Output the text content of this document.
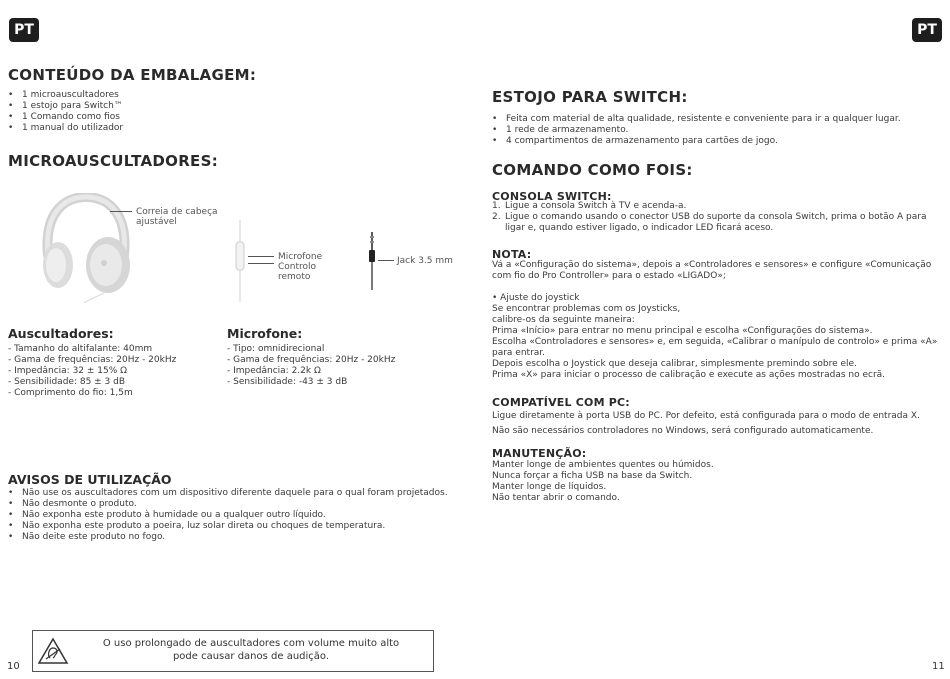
PT
CONTEÚDO DA EMBALAGEM:
• 1 microauscultadores
• 1 estojo para Switch™
• 1 Comando como fios
• 1 manual do utilizador
MICROAUSCULTADORES:
Correia de cabeça
ajustável
Microfone
Controlo
remoto
Jack 3.5 mm
Auscultadores:
- Tamanho do altifalante: 40mm
- Gama de frequências: 20Hz - 20kHz
- Impedância: 32 ± 15% Ω
- Sensibilidade: 85 ± 3 dB
- Comprimento do fio: 1,5m
Microfone:
- Tipo: omnidirecional
- Gama de frequências: 20Hz - 20kHz
- Impedância: 2.2k Ω
- Sensibilidade: -43 ± 3 dB
AVISOS DE UTILIZAÇÃO
• Não use os auscultadores com um dispositivo diferente daquele para o qual foram projetados.
• Não desmonte o produto.
• Não exponha este produto à humidade ou a qualquer outro líquido.
• Não exponha este produto a poeira, luz solar direta ou choques de temperatura.
• Não deite este produto no fogo.
O uso prolongado de auscultadores com volume muito alto
pode causar danos de audição.
10
PT
ESTOJO PARA SWITCH:
• Feita com material de alta qualidade, resistente e conveniente para ir a qualquer lugar.
• 1 rede de armazenamento.
• 4 compartimentos de armazenamento para cartões de jogo.
COMANDO COMO FOIS:
CONSOLA SWITCH:
1. Ligue a consola Switch à TV e acenda-a.
2. Ligue o comando usando o conector USB do suporte da consola Switch, prima o botão A para
ligar e, quando estiver ligado, o indicador LED ficará aceso.
NOTA:
Vá a «Configuração do sistema», depois a «Controladores e sensores» e configure «Comunicação
com fio do Pro Controller» para o estado «LIGADO»;
• Ajuste do joystick
Se encontrar problemas com os Joysticks,
calibre-os da seguinte maneira:
Prima «Início» para entrar no menu principal e escolha «Configurações do sistema».
Escolha «Controladores e sensores» e, em seguida, «Calibrar o manípulo de controlo» e prima «A»
para entrar.
Depois escolha o Joystick que deseja calibrar, simplesmente premindo sobre ele.
Prima «X» para iniciar o processo de calibração e execute as ações mostradas no ecrã.
COMPATÍVEL COM PC:
Ligue diretamente à porta USB do PC. Por defeito, está configurada para o modo de entrada X.
Não são necessários controladores no Windows, será configurado automaticamente.
MANUTENÇÃO:
Manter longe de ambientes quentes ou húmidos.
Nunca forçar a ficha USB na base da Switch.
Manter longe de líquidos.
Não tentar abrir o comando.
11
